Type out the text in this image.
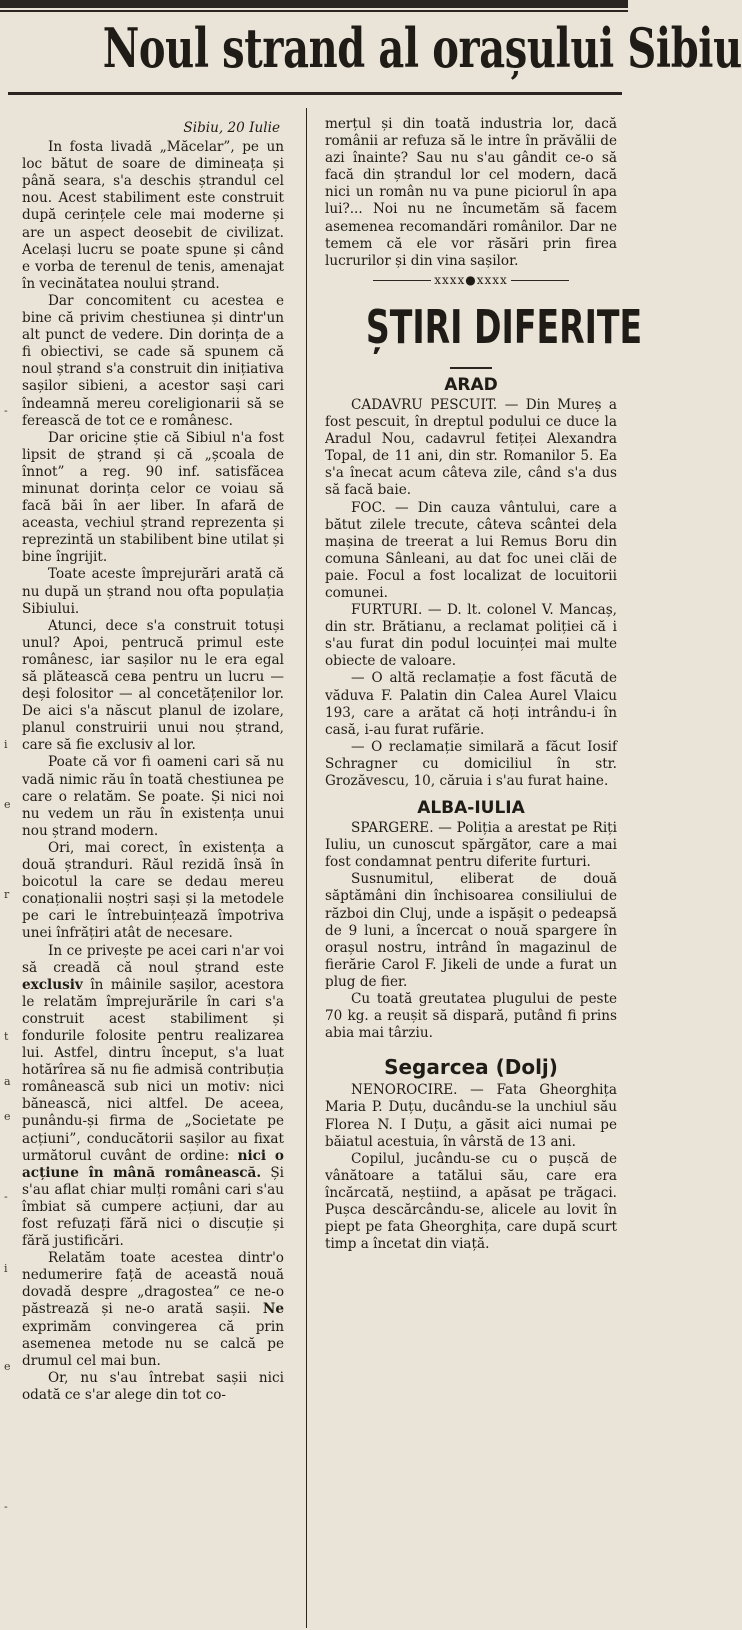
Noul strand al orașului Sibiu
-
i
e
r
t
a
e
-
i
e
-

Sibiu, 20 Iulie

In fosta livadă „Măcelar”, pe un loc bătut de soare de dimineața și până seara, s'a deschis ștrandul cel nou. Acest stabiliment este construit după cerințele cele mai moderne și are un aspect deosebit de civilizat. Același lucru se poate spune și când e vorba de terenul de tenis, amenajat în vecinătatea noului ștrand.

Dar concomitent cu acestea e bine că privim chestiunea și dintr'un alt punct de vedere. Din dorința de a fi obiectivi, se cade să spunem că noul ștrand s'a construit din inițiativa sașilor sibieni, a acestor sași cari îndeamnă mereu coreligionarii să se ferească de tot ce e românesc.

Dar oricine știe că Sibiul n'a fost lipsit de ștrand și că „școala de înnot” a reg. 90 inf. satisfăcea minunat dorința celor ce voiau să facă băi în aer liber. In afară de aceasta, vechiul ștrand reprezenta și reprezintă un stabilibent bine utilat și bine îngrijit.

Toate aceste împrejurări arată că nu după un ștrand nou ofta populația Sibiului.

Atunci, dece s'a construit totuși unul? Apoi, pentrucă primul este românesc, iar sașilor nu le era egal să plătească cева pentru un lucru — deși folositor — al concetățenilor lor. De aici s'a născut planul de izolare, planul construirii unui nou ștrand, care să fie exclusiv al lor.

Poate că vor fi oameni cari să nu vadă nimic rău în toată chestiunea pe care o relatăm. Se poate. Și nici noi nu vedem un rău în existența unui nou ștrand modern.

Ori, mai corect, în existența a două ștranduri. Răul rezidă însă în boicotul la care se dedau mereu conaționalii noștri sași și la metodele pe cari le întrebuințează împotriva unei înfrățiri atât de necesare.

In ce privește pe acei cari n'ar voi să creadă că noul ștrand este exclusiv în mâinile sașilor, acestora le relatăm împrejurările în cari s'a construit acest stabiliment și fondurile folosite pentru realizarea lui. Astfel, dintru început, s'a luat hotărîrea să nu fie admisă contribuția românească sub nici un motiv: nici bănească, nici altfel. De aceea, punându-și firma de „Societate pe acțiuni”, conducătorii sașilor au fixat următorul cuvânt de ordine: nici o acțiune în mână românească. Și s'au aflat chiar mulți români cari s'au îmbiat să cumpere acțiuni, dar au fost refuzați fără nici o discuție și fără justificări.

Relatăm toate acestea dintr'o nedumerire față de această nouă dovadă despre „dragostea” ce ne-o păstrează și ne-o arată sașii. Ne exprimăm convingerea că prin asemenea metode nu se calcă pe drumul cel mai bun.

Or, nu s'au întrebat sașii nici odată ce s'ar alege din tot co-

merțul și din toată industria lor, dacă românii ar refuza să le intre în prăvălii de azi înainte? Sau nu s'au gândit ce-o să facă din ștrandul lor cel modern, dacă nici un român nu va pune piciorul în apa lui?... Noi nu ne încumetăm să facem asemenea recomandări românilor. Dar ne temem că ele vor răsări prin firea lucrurilor și din vina sașilor.

xxxx●xxxx
ȘTIRI DIFERITE
ARAD

CADAVRU PESCUIT. — Din Mureș a fost pescuit, în dreptul podului ce duce la Aradul Nou, cadavrul fetiței Alexandra Topal, de 11 ani, din str. Romanilor 5. Ea s'a înecat acum câteva zile, când s'a dus să facă baie.

FOC. — Din cauza vântului, care a bătut zilele trecute, câteva scântei dela mașina de treerat a lui Remus Boru din comuna Sânleani, au dat foc unei clăi de paie. Focul a fost localizat de locuitorii comunei.

FURTURI. — D. lt. colonel V. Mancaș, din str. Brătianu, a reclamat poliției că i s'au furat din podul locuinței mai multe obiecte de valoare.

— O altă reclamație a fost făcută de văduva F. Palatin din Calea Aurel Vlaicu 193, care a arătat că hoți intrându-i în casă, i-au furat rufărie.

— O reclamație similară a făcut Iosif Schragner cu domiciliul în str. Grozăvescu, 10, căruia i s'au furat haine.

ALBA-IULIA

SPARGERE. — Poliția a arestat pe Riți Iuliu, un cunoscut spărgător, care a mai fost condamnat pentru diferite furturi.

Susnumitul, eliberat de două săptămâni din închisoarea consiliului de război din Cluj, unde a ispășit o pedeapsă de 9 luni, a încercat o nouă spargere în orașul nostru, intrând în magazinul de fierărie Carol F. Jikeli de unde a furat un plug de fier.

Cu toată greutatea plugului de peste 70 kg. a reușit să dispară, putând fi prins abia mai târziu.

Segarcea (Dolj)

NENOROCIRE. — Fata Gheorghița Maria P. Duțu, ducându-se la unchiul său Florea N. I Duțu, a găsit aici numai pe băiatul acestuia, în vârstă de 13 ani.

Copilul, jucându-se cu o pușcă de vânătoare a tatălui său, care era încărcată, neștiind, a apăsat pe trăgaci. Pușca descărcându-se, alicele au lovit în piept pe fata Gheorghița, care după scurt timp a încetat din viață.
